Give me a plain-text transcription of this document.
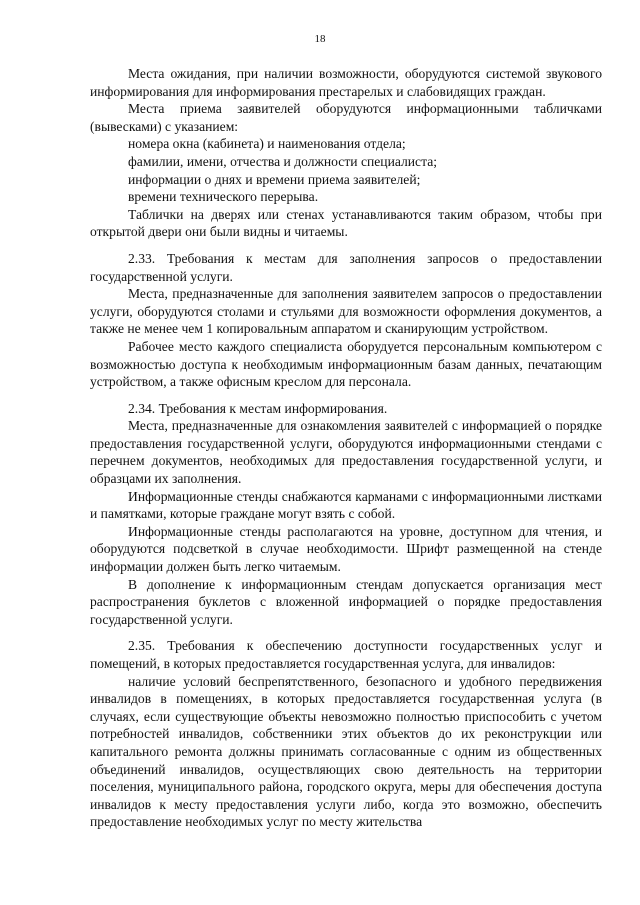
18

Места ожидания, при наличии возможности, оборудуются системой звукового информирования для информирования престарелых и слабовидящих граждан.

Места приема заявителей оборудуются информационными табличками (вывесками) с указанием:

номера окна (кабинета) и наименования отдела;

фамилии, имени, отчества и должности специалиста;

информации о днях и времени приема заявителей;

времени технического перерыва.

Таблички на дверях или стенах устанавливаются таким образом, чтобы при открытой двери они были видны и читаемы.

2.33. Требования к местам для заполнения запросов о предоставлении государственной услуги.

Места, предназначенные для заполнения заявителем запросов о предоставлении услуги, оборудуются столами и стульями для возможности оформления документов, а также не менее чем 1 копировальным аппаратом и сканирующим устройством.

Рабочее место каждого специалиста оборудуется персональным компьютером с возможностью доступа к необходимым информационным базам данных, печатающим устройством, а также офисным креслом для персонала.

2.34. Требования к местам информирования.

Места, предназначенные для ознакомления заявителей с информацией о порядке предоставления государственной услуги, оборудуются информационными стендами с перечнем документов, необходимых для предоставления государственной услуги, и образцами их заполнения.

Информационные стенды снабжаются карманами с информационными листками и памятками, которые граждане могут взять с собой.

Информационные стенды располагаются на уровне, доступном для чтения, и оборудуются подсветкой в случае необходимости. Шрифт размещенной на стенде информации должен быть легко читаемым.

В дополнение к информационным стендам допускается организация мест распространения буклетов с вложенной информацией о порядке предоставления государственной услуги.

2.35. Требования к обеспечению доступности государственных услуг и помещений, в которых предоставляется государственная услуга, для инвалидов:

наличие условий беспрепятственного, безопасного и удобного передвижения инвалидов в помещениях, в которых предоставляется государственная услуга (в случаях, если существующие объекты невозможно полностью приспособить с учетом потребностей инвалидов, собственники этих объектов до их реконструкции или капитального ремонта должны принимать согласованные с одним из общественных объединений инвалидов, осуществляющих свою деятельность на территории поселения, муниципального района, городского округа, меры для обеспечения доступа инвалидов к месту предоставления услуги либо, когда это возможно, обеспечить предоставление необходимых услуг по месту жительства
